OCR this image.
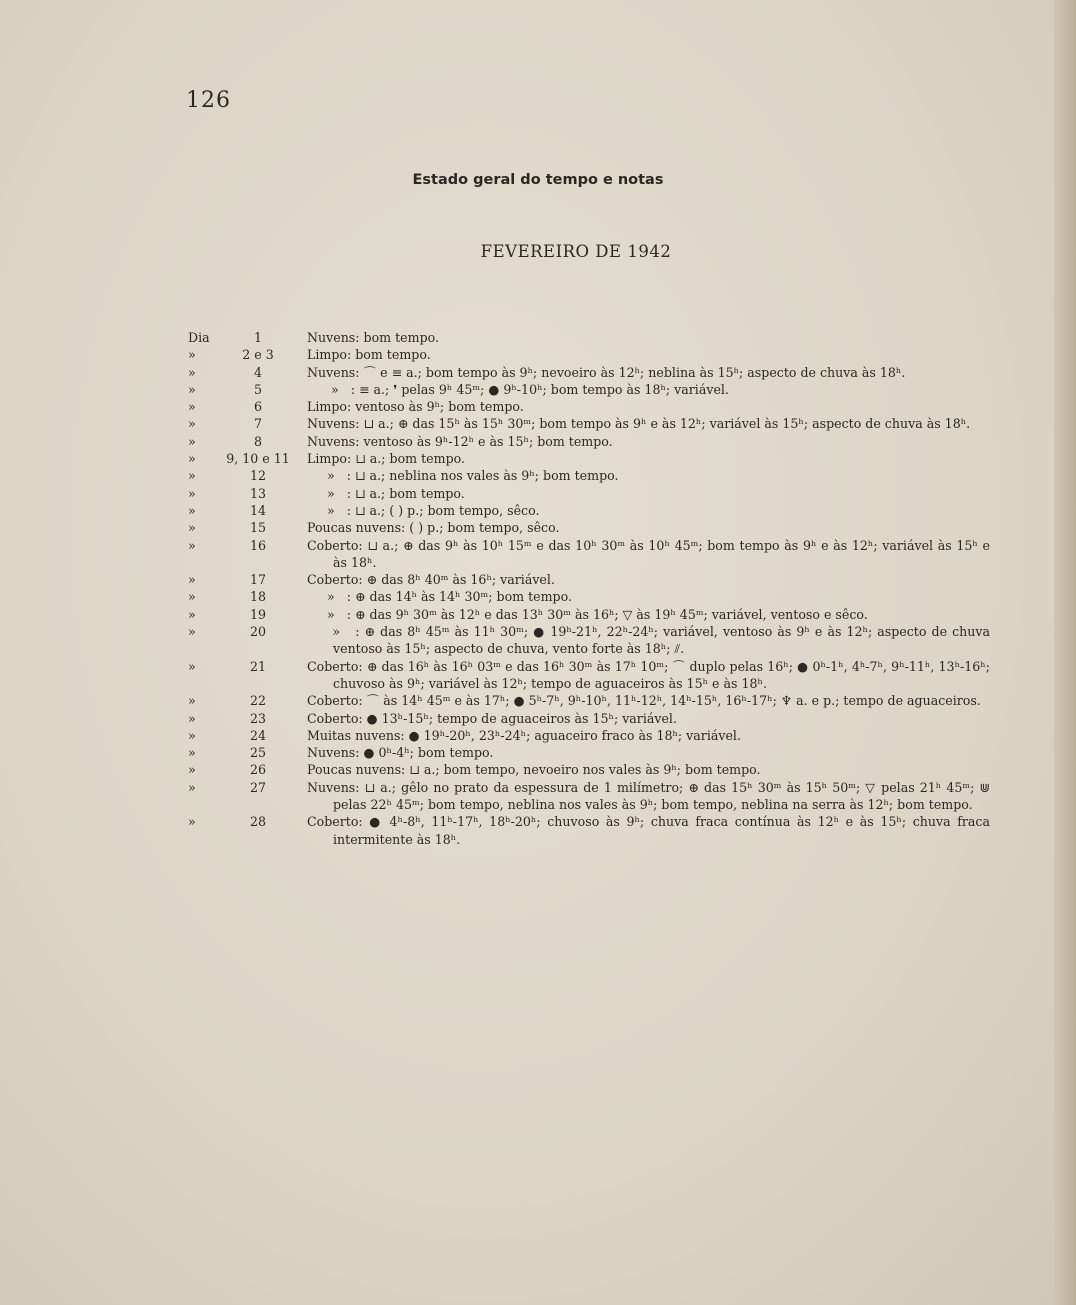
126
Estado geral do tempo e notas
FEVEREIRO DE 1942
Dia	1	Nuvens: bom tempo.
»	2 e 3	Limpo: bom tempo.
»	4	Nuvens: ⌒ e ≡ a.; bom tempo às 9ʰ; nevoeiro às 12ʰ; neblina às 15ʰ; aspecto de chuva às 18ʰ.
»	5	»   : ≡ a.; ❜ pelas 9ʰ 45ᵐ; ● 9ʰ-10ʰ; bom tempo às 18ʰ; variável.
»	6	Limpo: ventoso às 9ʰ; bom tempo.
»	7	Nuvens: ⊔ a.; ⊕ das 15ʰ às 15ʰ 30ᵐ; bom tempo às 9ʰ e às 12ʰ; variável às 15ʰ; aspecto de chuva às 18ʰ.
»	8	Nuvens: ventoso às 9ʰ-12ʰ e às 15ʰ; bom tempo.
»	9, 10 e 11	Limpo: ⊔ a.; bom tempo.
»	12	»   : ⊔ a.; neblina nos vales às 9ʰ; bom tempo.
»	13	»   : ⊔ a.; bom tempo.
»	14	»   : ⊔ a.; ( ) p.; bom tempo, sêco.
»	15	Poucas nuvens: ( ) p.; bom tempo, sêco.
»	16	Coberto: ⊔ a.; ⊕ das 9ʰ às 10ʰ 15ᵐ e das 10ʰ 30ᵐ às 10ʰ 45ᵐ; bom tempo às 9ʰ e às 12ʰ; variável às 15ʰ e às 18ʰ.
»	17	Coberto: ⊕ das 8ʰ 40ᵐ às 16ʰ; variável.
»	18	»   : ⊕ das 14ʰ às 14ʰ 30ᵐ; bom tempo.
»	19	»   : ⊕ das 9ʰ 30ᵐ às 12ʰ e das 13ʰ 30ᵐ às 16ʰ; ▽ às 19ʰ 45ᵐ; variável, ventoso e sêco.
»	20	»   : ⊕ das 8ʰ 45ᵐ às 11ʰ 30ᵐ; ● 19ʰ-21ʰ, 22ʰ-24ʰ; variável, ventoso às 9ʰ e às 12ʰ; aspecto de chuva ventoso às 15ʰ; aspecto de chuva, vento forte às 18ʰ; ⫽.
»	21	Coberto: ⊕ das 16ʰ às 16ʰ 03ᵐ e das 16ʰ 30ᵐ às 17ʰ 10ᵐ; ⌒ duplo pelas 16ʰ; ● 0ʰ-1ʰ, 4ʰ-7ʰ, 9ʰ-11ʰ, 13ʰ-16ʰ; chuvoso às 9ʰ; variável às 12ʰ; tempo de aguaceiros às 15ʰ e às 18ʰ.
»	22	Coberto: ⌒ às 14ʰ 45ᵐ e às 17ʰ; ● 5ʰ-7ʰ, 9ʰ-10ʰ, 11ʰ-12ʰ, 14ʰ-15ʰ, 16ʰ-17ʰ; ♆ a. e p.; tempo de aguaceiros.
»	23	Coberto: ● 13ʰ-15ʰ; tempo de aguaceiros às 15ʰ; variável.
»	24	Muitas nuvens: ● 19ʰ-20ʰ, 23ʰ-24ʰ; aguaceiro fraco às 18ʰ; variável.
»	25	Nuvens: ● 0ʰ-4ʰ; bom tempo.
»	26	Poucas nuvens: ⊔ a.; bom tempo, nevoeiro nos vales às 9ʰ; bom tempo.
»	27	Nuvens: ⊔ a.; gêlo no prato da espessura de 1 milímetro; ⊕ das 15ʰ 30ᵐ às 15ʰ 50ᵐ; ▽ pelas 21ʰ 45ᵐ; ⋓ pelas 22ʰ 45ᵐ; bom tempo, neblina nos vales às 9ʰ; bom tempo, neblina na serra às 12ʰ; bom tempo.
»	28	Coberto: ● 4ʰ-8ʰ, 11ʰ-17ʰ, 18ʰ-20ʰ; chuvoso às 9ʰ; chuva fraca contínua às 12ʰ e às 15ʰ; chuva fraca intermitente às 18ʰ.
